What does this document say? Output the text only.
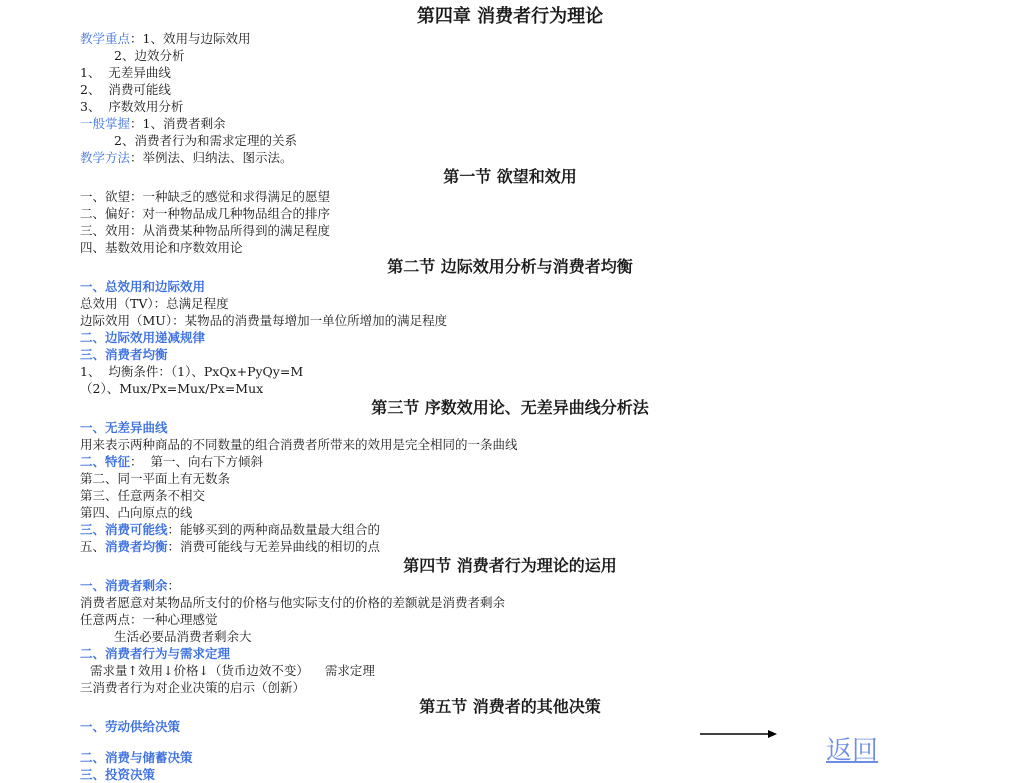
第四章 消费者行为理论
教学重点：1、效用与边际效用
2、边效分析
1、  无差异曲线
2、  消费可能线
3、  序数效用分析
一般掌握：1、消费者剩余
2、消费者行为和需求定理的关系
教学方法：举例法、归纳法、图示法。
第一节 欲望和效用
一、欲望：一种缺乏的感觉和求得满足的愿望
二、偏好：对一种物品成几种物品组合的排序
三、效用：从消费某种物品所得到的满足程度
四、基数效用论和序数效用论
第二节 边际效用分析与消费者均衡
一、总效用和边际效用
总效用（TV）：总满足程度
边际效用（MU）：某物品的消费量每增加一单位所增加的满足程度
二、边际效用递减规律
三、消费者均衡
1、  均衡条件：（1）、PxQx+PyQy=M
（2）、Mux/Px=Mux/Px=Mux
第三节 序数效用论、无差异曲线分析法
一、无差异曲线
用来表示两种商品的不同数量的组合消费者所带来的效用是完全相同的一条曲线
二、特征：  第一、向右下方倾斜
第二、同一平面上有无数条
第三、任意两条不相交
第四、凸向原点的线
三、消费可能线：能够买到的两种商品数量最大组合的
五、消费者均衡：消费可能线与无差异曲线的相切的点
第四节 消费者行为理论的运用
一、消费者剩余：
消费者愿意对某物品所支付的价格与他实际支付的价格的差额就是消费者剩余
任意两点：一种心理感觉
生活必要品消费者剩余大
二、消费者行为与需求定理
需求量↑效用↓价格↓（货币边效不变）    需求定理
三消费者行为对企业决策的启示（创新）
第五节 消费者的其他决策
一、劳动供给决策
二、消费与储蓄决策
三、投资决策
返回
